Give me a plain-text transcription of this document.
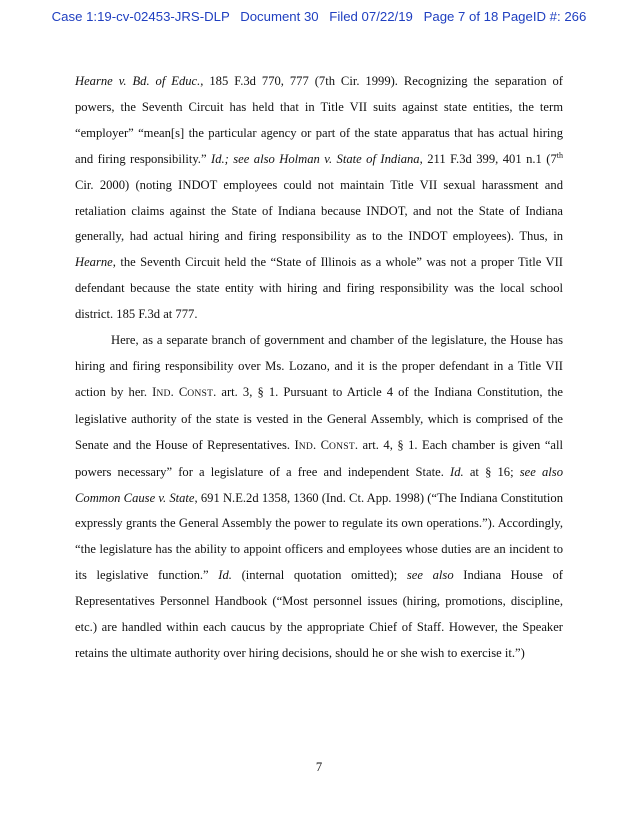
Case 1:19-cv-02453-JRS-DLP Document 30 Filed 07/22/19 Page 7 of 18 PageID #: 266

Hearne v. Bd. of Educ., 185 F.3d 770, 777 (7th Cir. 1999). Recognizing the separation of powers, the Seventh Circuit has held that in Title VII suits against state entities, the term “employer” “mean[s] the particular agency or part of the state apparatus that has actual hiring and firing responsibility.” Id.; see also Holman v. State of Indiana, 211 F.3d 399, 401 n.1 (7th Cir. 2000) (noting INDOT employees could not maintain Title VII sexual harassment and retaliation claims against the State of Indiana because INDOT, and not the State of Indiana generally, had actual hiring and firing responsibility as to the INDOT employees). Thus, in Hearne, the Seventh Circuit held the “State of Illinois as a whole” was not a proper Title VII defendant because the state entity with hiring and firing responsibility was the local school district. 185 F.3d at 777.

Here, as a separate branch of government and chamber of the legislature, the House has hiring and firing responsibility over Ms. Lozano, and it is the proper defendant in a Title VII action by her. IND. CONST. art. 3, § 1. Pursuant to Article 4 of the Indiana Constitution, the legislative authority of the state is vested in the General Assembly, which is comprised of the Senate and the House of Representatives. IND. CONST. art. 4, § 1. Each chamber is given “all powers necessary” for a legislature of a free and independent State. Id. at § 16; see also Common Cause v. State, 691 N.E.2d 1358, 1360 (Ind. Ct. App. 1998) (“The Indiana Constitution expressly grants the General Assembly the power to regulate its own operations.”). Accordingly, “the legislature has the ability to appoint officers and employees whose duties are an incident to its legislative function.” Id. (internal quotation omitted); see also Indiana House of Representatives Personnel Handbook (“Most personnel issues (hiring, promotions, discipline, etc.) are handled within each caucus by the appropriate Chief of Staff. However, the Speaker retains the ultimate authority over hiring decisions, should he or she wish to exercise it.”)

7
